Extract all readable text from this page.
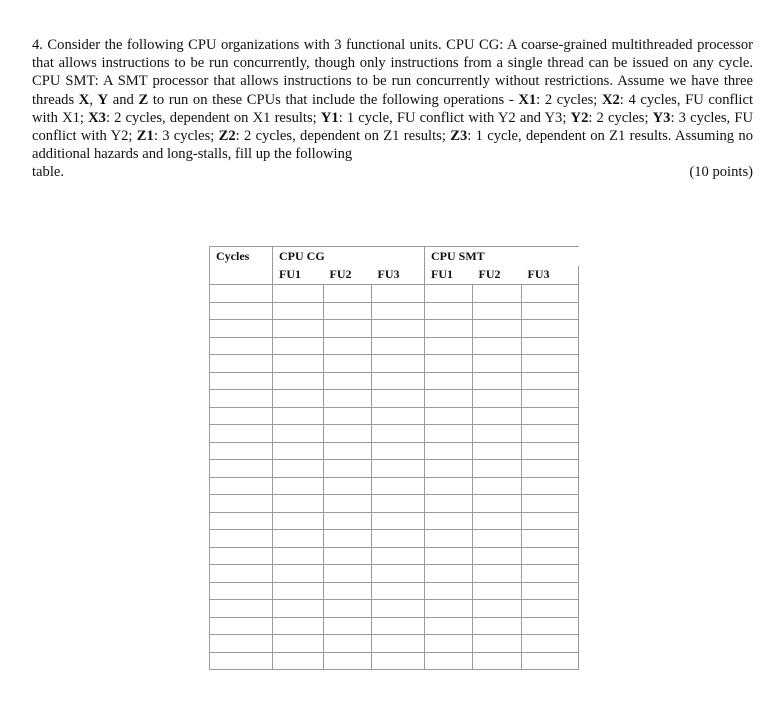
4. Consider the following CPU organizations with 3 functional units. CPU CG: A coarse-grained multithreaded processor that allows instructions to be run concurrently, though only instructions from a single thread can be issued on any cycle. CPU SMT: A SMT processor that allows instructions to be run concurrently without restrictions. Assume we have three threads X, Y and Z to run on these CPUs that include the following operations - X1: 2 cycles; X2: 4 cycles, FU conflict with X1; X3: 2 cycles, dependent on X1 results; Y1: 1 cycle, FU conflict with Y2 and Y3; Y2: 2 cycles; Y3: 3 cycles, FU conflict with Y2; Z1: 3 cycles; Z2: 2 cycles, dependent on Z1 results; Z3: 1 cycle, dependent on Z1 results. Assuming no additional hazards and long-stalls, fill up the following
table.	(10 points)
Cycles	CPU CG			CPU SMT		
	FU1	FU2	FU3	FU1	FU2	FU3
